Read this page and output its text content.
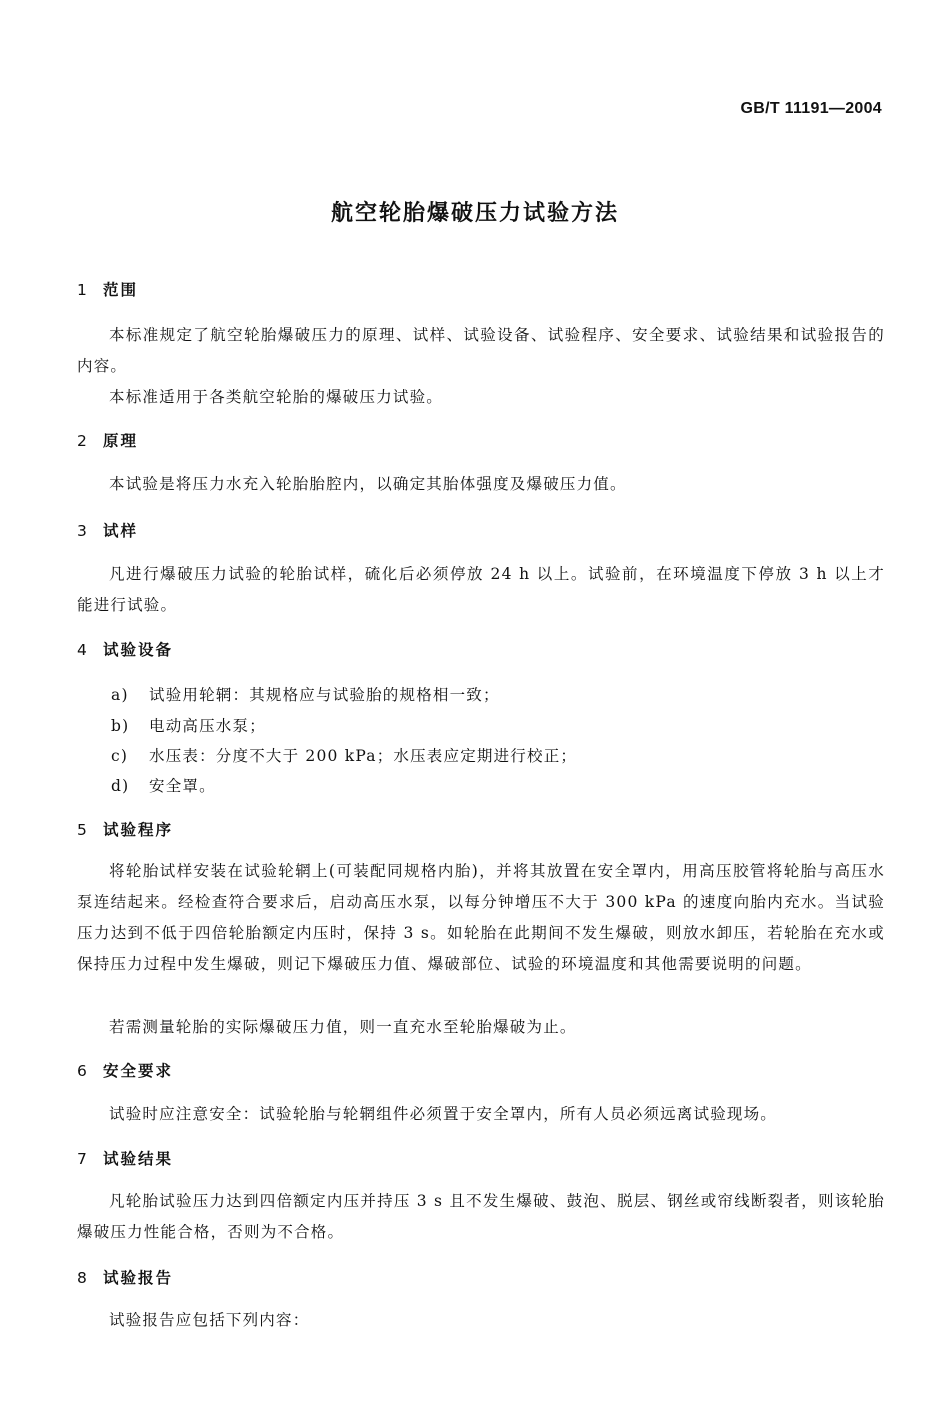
GB/T 11191—2004
航空轮胎爆破压力试验方法
1 范围
本标准规定了航空轮胎爆破压力的原理、试样、试验设备、试验程序、安全要求、试验结果和试验报告的内容。
本标准适用于各类航空轮胎的爆破压力试验。
2 原理
本试验是将压力水充入轮胎胎腔内，以确定其胎体强度及爆破压力值。
3 试样
凡进行爆破压力试验的轮胎试样，硫化后必须停放 24 h 以上。试验前，在环境温度下停放 3 h 以上才能进行试验。
4 试验设备
a) 试验用轮辋：其规格应与试验胎的规格相一致；
b) 电动高压水泵；
c) 水压表：分度不大于 200 kPa；水压表应定期进行校正；
d) 安全罩。
5 试验程序
将轮胎试样安装在试验轮辋上(可装配同规格内胎)，并将其放置在安全罩内，用高压胶管将轮胎与高压水泵连结起来。经检查符合要求后，启动高压水泵，以每分钟增压不大于 300 kPa 的速度向胎内充水。当试验压力达到不低于四倍轮胎额定内压时，保持 3 s。如轮胎在此期间不发生爆破，则放水卸压，若轮胎在充水或保持压力过程中发生爆破，则记下爆破压力值、爆破部位、试验的环境温度和其他需要说明的问题。
若需测量轮胎的实际爆破压力值，则一直充水至轮胎爆破为止。
6 安全要求
试验时应注意安全：试验轮胎与轮辋组件必须置于安全罩内，所有人员必须远离试验现场。
7 试验结果
凡轮胎试验压力达到四倍额定内压并持压 3 s 且不发生爆破、鼓泡、脱层、钢丝或帘线断裂者，则该轮胎爆破压力性能合格，否则为不合格。
8 试验报告
试验报告应包括下列内容：
